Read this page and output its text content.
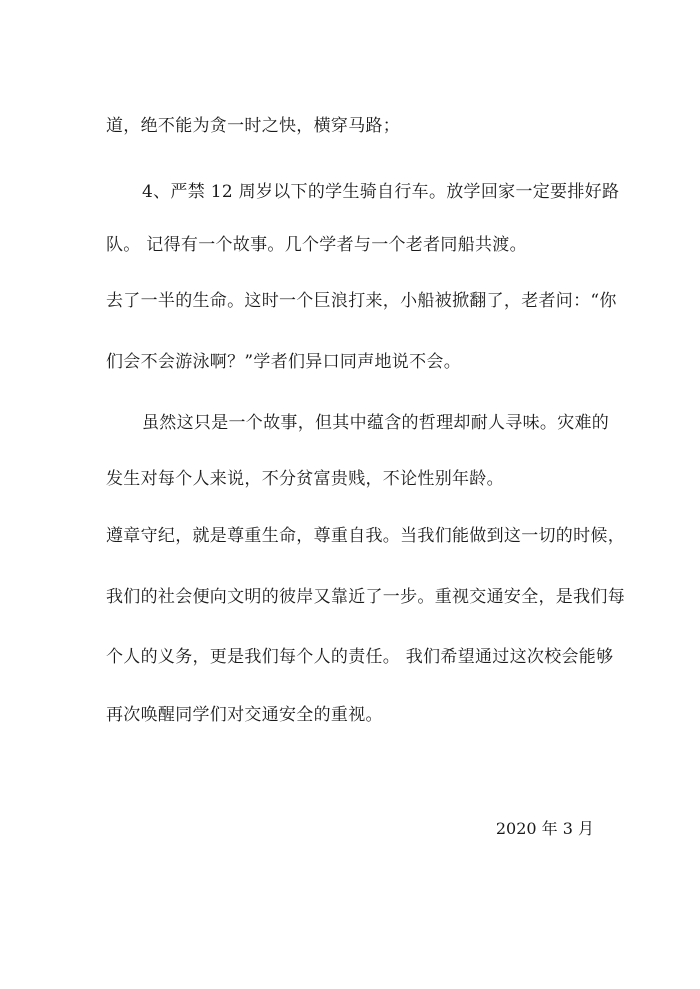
道，绝不能为贪一时之快，横穿马路；

4、严禁 12 周岁以下的学生骑自行车。放学回家一定要排好路

队。 记得有一个故事。几个学者与一个老者同船共渡。

去了一半的生命。这时一个巨浪打来，小船被掀翻了，老者问：“你

们会不会游泳啊？”学者们异口同声地说不会。

虽然这只是一个故事，但其中蕴含的哲理却耐人寻味。灾难的

发生对每个人来说，不分贫富贵贱，不论性别年龄。

遵章守纪，就是尊重生命，尊重自我。当我们能做到这一切的时候，

我们的社会便向文明的彼岸又靠近了一步。重视交通安全，是我们每

个人的义务，更是我们每个人的责任。 我们希望通过这次校会能够

再次唤醒同学们对交通安全的重视。

2020 年 3 月
